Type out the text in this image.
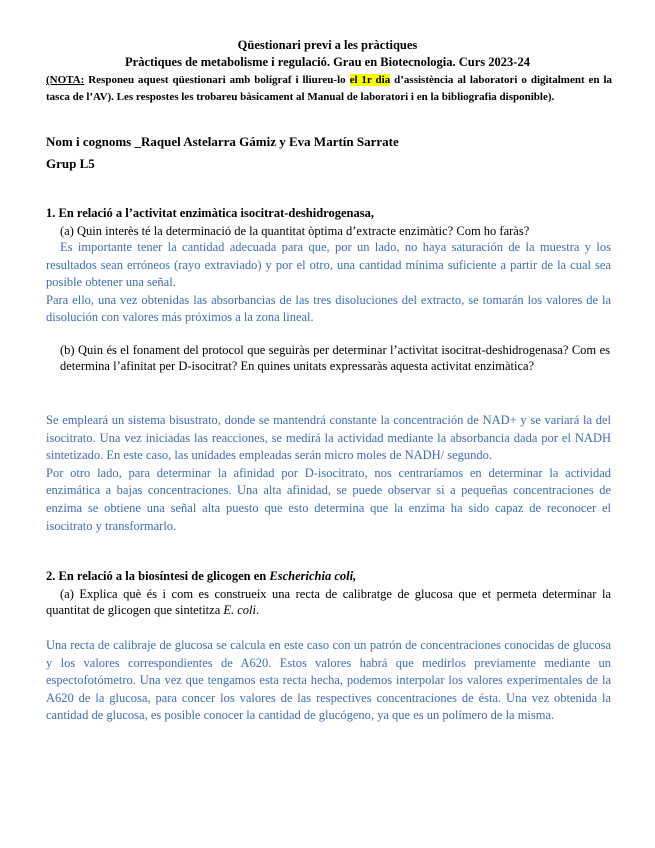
Qüestionari previ a les pràctiques
Pràctiques de metabolisme i regulació. Grau en Biotecnologia. Curs 2023-24
(NOTA: Responeu aquest qüestionari amb bolígraf i lliureu-lo el 1r dia d’assistència al laboratori o digitalment en la tasca de l’AV). Les respostes les trobareu bàsicament al Manual de laboratori i en la bibliografia disponible).
Nom i cognoms _Raquel Astelarra Gámiz y Eva Martín Sarrate
Grup L5
1. En relació a l’activitat enzimàtica isocitrat-deshidrogenasa,
(a) Quin interès té la determinació de la quantitat òptima d’extracte enzimàtic? Com ho faràs?

Es importante tener la cantidad adecuada para que, por un lado, no haya saturación de la muestra y los resultados sean erróneos (rayo extraviado) y por el otro, una cantidad mínima suficiente a partir de la cual sea posible obtener una señal.

Para ello, una vez obtenidas las absorbancias de las tres disoluciones del extracto, se tomarán los valores de la disolución con valores más próximos a la zona lineal.

(b) Quin és el fonament del protocol que seguiràs per determinar l’activitat isocitrat-deshidrogenasa? Com es determina l’afinitat per D-isocitrat? En quines unitats expressaràs aquesta activitat enzimàtica?

Se empleará un sistema bisustrato, donde se mantendrá constante la concentración de NAD+ y se variará la del isocitrato. Una vez iniciadas las reacciones, se medirá la actividad mediante la absorbancia dada por el NADH sintetizado. En este caso, las unidades empleadas serán micro moles de NADH/ segundo.

Por otro lado, para determinar la afinidad por D-isocitrato, nos centraríamos en determinar la actividad enzimática a bajas concentraciones. Una alta afinidad, se puede observar si a pequeñas concentraciones de enzima se obtiene una señal alta puesto que esto determina que la enzima ha sido capaz de reconocer el isocitrato y transformarlo.

2. En relació a la biosíntesi de glicogen en Escherichia coli,
(a) Explica què és i com es construeix una recta de calibratge de glucosa que et permeta determinar la quantitat de glicogen que sintetitza E. coli.

Una recta de calibraje de glucosa se calcula en este caso con un patrón de concentraciones conocidas de glucosa y los valores correspondientes de A620. Estos valores habrá que medirlos previamente mediante un espectofotómetro. Una vez que tengamos esta recta hecha, podemos interpolar los valores experimentales de la A620 de la glucosa, para concer los valores de las respectives concentraciones de ésta. Una vez obtenida la cantidad de glucosa, es posible conocer la cantidad de glucógeno, ya que es un polímero de la misma.
